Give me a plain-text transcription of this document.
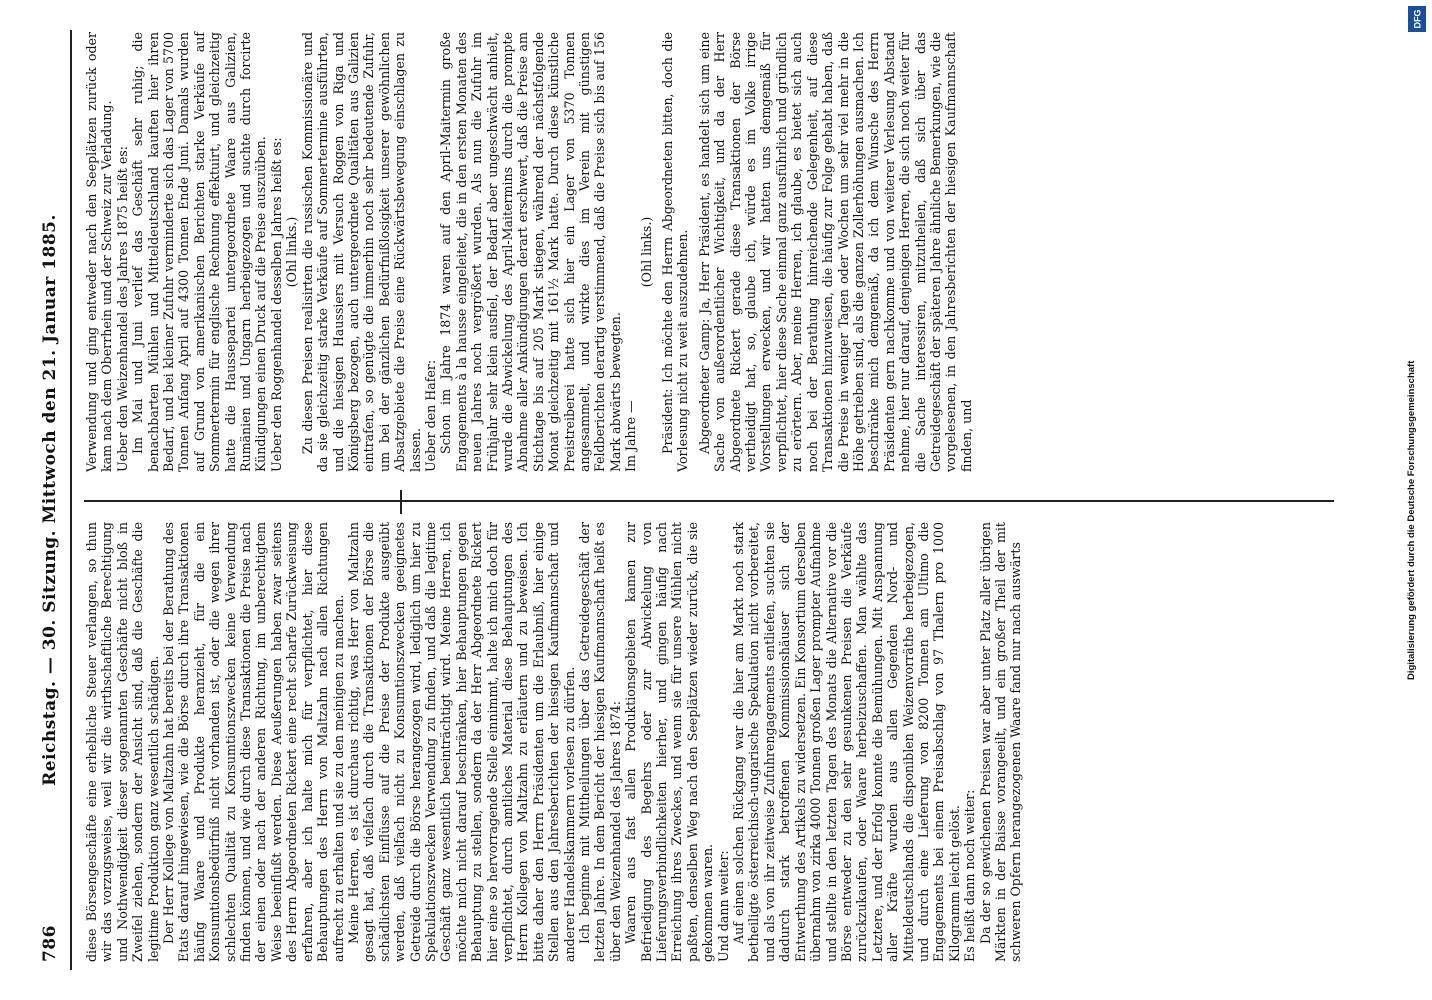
786
Reichstag. — 30. Sitzung. Mittwoch den 21. Januar 1885. diese Börsengeschäfte eine erhebliche Steuer verlangen, so thun wir das vorzugsweise, weil wir die wirthschaftliche Berechtigung und Nothwendigkeit dieser sogenannten Geschäfte nicht bloß in Zweifel ziehen, sondern der Ansicht sind, daß die Geschäfte die legitime Produktion ganz wesentlich schädigen. Der Herr Kollege von Maltzahn hat bereits bei der Berathung des Etats darauf hingewiesen, wie die Börse durch ihre Transaktionen häufig Waare und Produkte heranzieht, für die ein Konsumtionsbedürfniß nicht vorhanden ist, oder die wegen ihrer schlechten Qualität zu Konsumtionszwecken keine Verwendung finden können, und wie durch diese Transaktionen die Preise nach der einen oder nach der anderen Richtung, im unberechtigtem Weise beeinflußt werden. Diese Aeußerungen haben zwar seitens des Herrn Abgeordneten Rickert eine recht scharfe Zurückweisung erfahren, aber ich halte mich für verpflichtet, hier diese Behauptungen des Herrn von Maltzahn nach allen Richtungen aufrecht zu erhalten und sie zu den meinigen zu machen. Meine Herren, es ist durchaus richtig, was Herr von Maltzahn gesagt hat, daß vielfach durch die Transaktionen der Börse die schädlichsten Einflüsse auf die Preise der Produkte ausgeübt werden, daß vielfach nicht zu Konsumtionszwecken geeignetes Getreide durch die Börse herangezogen wird, lediglich um hier zu Spekulationszwecken Verwendung zu finden, und daß die legitime Geschäft ganz wesentlich beeinträchtigt wird. Meine Herren, ich möchte mich nicht darauf beschränken, hier Behauptungen gegen Behauptung zu stellen, sondern da der Herr Abgeordnete Rickert hier eine so hervorragende Stelle einnimmt, halte ich mich doch für verpflichtet, durch amtliches Material diese Behauptungen des Herrn Kollegen von Maltzahn zu erläutern und zu beweisen. Ich bitte daher den Herrn Präsidenten um die Erlaubniß, hier einige Stellen aus den Jahresberichten der hiesigen Kaufmannschaft und anderer Handelskammern vorlesen zu dürfen. Ich beginne mit Mittheilungen über das Getreidegeschäft der letzten Jahre. In dem Bericht der hiesigen Kaufmannschaft heißt es über den Weizenhandel des Jahres 1874: Waaren aus fast allen Produktionsgebieten kamen zur Befriedigung des Begehrs oder zur Abwickelung von Lieferungsverbindlichkeiten hierher, und gingen häufig nach Erreichung ihres Zweckes, und wenn sie für unsere Mühlen nicht paßten, denselben Weg nach den Seeplätzen wieder zurück, die sie gekommen waren. Und dann weiter: Auf einen solchen Rückgang war die hier am Markt noch stark betheiligte österreichisch-ungarische Spekulation nicht vorbereitet, und als von ihr zeitweise Zufuhrengagements entliefen, suchten sie dadurch stark betroffenen Kommissionshäuser sich der Entwerthung des Artikels zu widersetzen. Ein Konsortium derselben übernahm von zirka 4000 Tonnen großen Lager prompter Aufnahme und stellte in den letzten Tagen des Monats die Alternative vor die Börse entweder zu den sehr gesunkenen Preisen die Verkäufe zurückzukaufen, oder Waare herbeizuschaffen. Man wählte das Letztere, und der Erfolg konnte die Bemühungen. Mit Anspannung aller Kräfte wurden aus allen Gegenden Nord- und Mitteldeutschlands die disponiblen Weizenvorräthe herbeigezogen, und durch eine Lieferung von 8200 Tonnen am Ultimo die Engagements bei einem Preisabschlag von 97 Thalern pro 1000 Kilogramm leicht gelöst. Es heißt dann noch weiter: Da der so gewichenen Preisen war aber unter Platz aller übrigen Märkten in der Baisse vorangeeilt, und ein großer Theil der mit schweren Opfern herangezogenen Waare fand nur nach auswärts

Verwendung und ging entweder nach den Seeplätzen zurück oder kam nach dem Oberrhein und der Schweiz zur Verladung. Ueber den Weizenhandel des Jahres 1875 heißt es: Im Mai und Juni verlief das Geschäft sehr ruhig; die benachbarten Mühlen und Mitteldeutschland kauften hier ihren Bedarf, und bei kleiner Zufuhr verminderte sich das Lager von 5700 Tonnen Anfang April auf 4300 Tonnen Ende Juni. Damals wurden auf Grund von amerikanischen Berichten starke Verkäufe auf Sommertermin für englische Rechnung effektuirt, und gleichzeitig hatte die Haussepartei untergeordnete Waare aus Galizien, Rumänien und Ungarn herbeigezogen und suchte durch forcirte Kündigungen einen Druck auf die Preise auszuüben. Ueber den Roggenhandel desselben Jahres heißt es: (Ohl links.) Zu diesen Preisen realisirten die russischen Kommissionäre und da sie gleichzeitig starke Verkäufe auf Sommertermine ausführten, und die hiesigen Haussiers mit Versuch Roggen von Riga und Königsberg bezogen, auch untergeordnete Qualitäten aus Galizien eintrafen, so genügte die immerhin noch sehr bedeutende Zufuhr, um bei der gänzlichen Bedürfnißlosigkeit unserer gewöhnlichen Absatzgebiete die Preise eine Rückwärtsbewegung einschlagen zu lassen. Ueber den Hafer: Schon im Jahre 1874 waren auf den April-Maitermin große Engagements à la hausse eingeleitet, die in den ersten Monaten des neuen Jahres noch vergrößert wurden. Als nun die Zufuhr im Frühjahr sehr klein ausfiel, der Bedarf aber ungeschwächt anhielt, wurde die Abwickelung des April-Maitermins durch die prompte Abnahme aller Ankündigungen derart erschwert, daß die Preise am Stichtage bis auf 205 Mark stiegen, während der nächstfolgende Monat gleichzeitig mit 161½ Mark hatte. Durch diese künstliche Preistreiberei hatte sich hier ein Lager von 5370 Tonnen angesammelt, und wirkte dies im Verein mit günstigen Feldberichten derartig verstimmend, daß die Preise sich bis auf 156 Mark abwärts bewegten. Im Jahre —

(Ohl links.) Präsident: Ich möchte den Herrn Abgeordneten bitten, doch die Vorlesung nicht zu weit auszudehnen. Abgeordneter Gamp: Ja, Herr Präsident, es handelt sich um eine Sache von außerordentlicher Wichtigkeit, und da der Herr Abgeordnete Rickert gerade diese Transaktionen der Börse vertheidigt hat, so, glaube ich, würde es im Volke irrige Vorstellungen erwecken, und wir hatten uns demgemäß für verpflichtet, hier diese Sache einmal ganz ausführlich und gründlich zu erörtern. Aber, meine Herren, ich glaube, es bietet sich auch noch bei der Berathung hinreichende Gelegenheit, auf diese Transaktionen hinzuweisen, die häufig zur Folge gehabt haben, daß die Preise in weniger Tagen oder Wochen um sehr viel mehr in die Höhe getrieben sind, als die ganzen Zollerhöhungen ausmachen. Ich beschränke mich demgemäß, da ich dem Wunsche des Herrn Präsidenten gern nachkomme und von weiterer Verlesung Abstand nehme, hier nur darauf, denjenigen Herren, die sich noch weiter für die Sache interessiren, mitzutheilen, daß sich über das Getreidegeschäft der späteren Jahre ähnliche Bemerkungen, wie die vorgelesenen, in den Jahresberichten der hiesigen Kaufmannschaft finden, und

DFG
Digitalisierung gefördert durch die Deutsche Forschungsgemeinschaft
